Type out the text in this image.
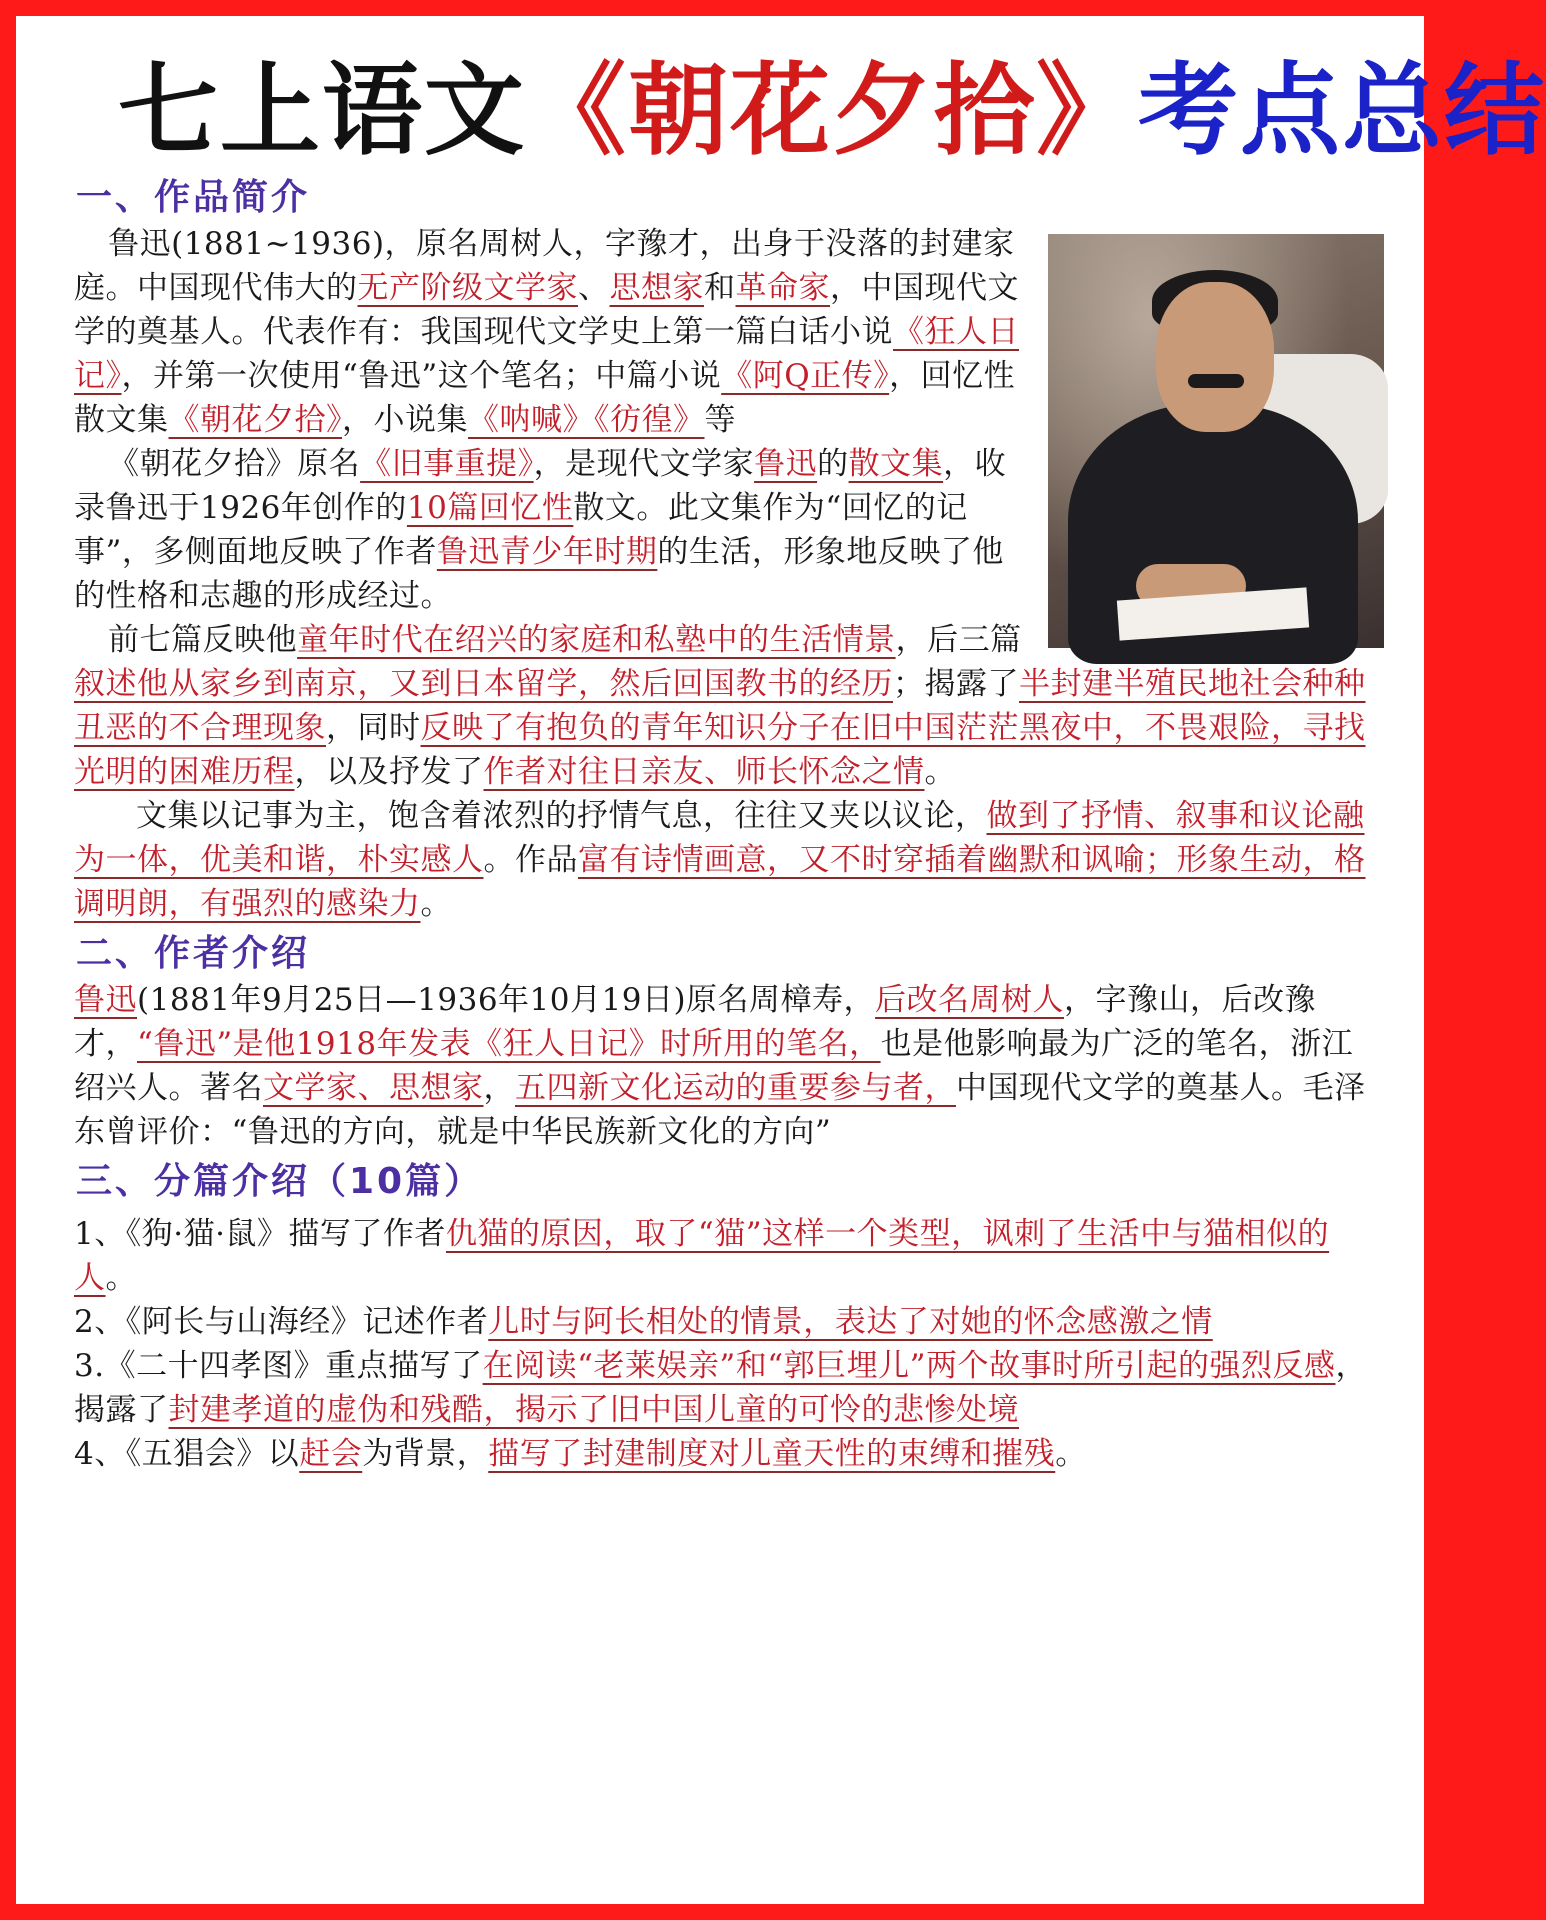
七上语文《朝花夕拾》考点总结
一、作品简介

鲁迅(1881~1936)，原名周树人，字豫才，出身于没落的封建家庭。中国现代伟大的无产阶级文学家、思想家和革命家，中国现代文学的奠基人。代表作有：我国现代文学史上第一篇白话小说《狂人日记》，并第一次使用“鲁迅”这个笔名；中篇小说《阿Q正传》，回忆性散文集《朝花夕拾》，小说集《呐喊》《彷徨》等

《朝花夕拾》原名《旧事重提》，是现代文学家鲁迅的散文集，收录鲁迅于1926年创作的10篇回忆性散文。此文集作为“回忆的记事”，多侧面地反映了作者鲁迅青少年时期的生活，形象地反映了他的性格和志趣的形成经过。

前七篇反映他童年时代在绍兴的家庭和私塾中的生活情景，后三篇叙述他从家乡到南京，又到日本留学，然后回国教书的经历；揭露了半封建半殖民地社会种种丑恶的不合理现象，同时反映了有抱负的青年知识分子在旧中国茫茫黑夜中，不畏艰险，寻找光明的困难历程，以及抒发了作者对往日亲友、师长怀念之情。

文集以记事为主，饱含着浓烈的抒情气息，往往又夹以议论，做到了抒情、叙事和议论融为一体，优美和谐，朴实感人。作品富有诗情画意，又不时穿插着幽默和讽喻；形象生动，格调明朗，有强烈的感染力。

二、作者介绍

鲁迅(1881年9月25日—1936年10月19日)原名周樟寿，后改名周树人，字豫山，后改豫才，“鲁迅”是他1918年发表《狂人日记》时所用的笔名，也是他影响最为广泛的笔名，浙江绍兴人。著名文学家、思想家，五四新文化运动的重要参与者，中国现代文学的奠基人。毛泽东曾评价：“鲁迅的方向，就是中华民族新文化的方向”

三、分篇介绍（10篇）

1、《狗·猫·鼠》描写了作者仇猫的原因，取了“猫”这样一个类型，讽刺了生活中与猫相似的人。

2、《阿长与山海经》记述作者儿时与阿长相处的情景，表达了对她的怀念感激之情

3.《二十四孝图》重点描写了在阅读“老莱娱亲”和“郭巨埋儿”两个故事时所引起的强烈反感，揭露了封建孝道的虚伪和残酷，揭示了旧中国儿童的可怜的悲惨处境

4、《五猖会》以赶会为背景，描写了封建制度对儿童天性的束缚和摧残。
